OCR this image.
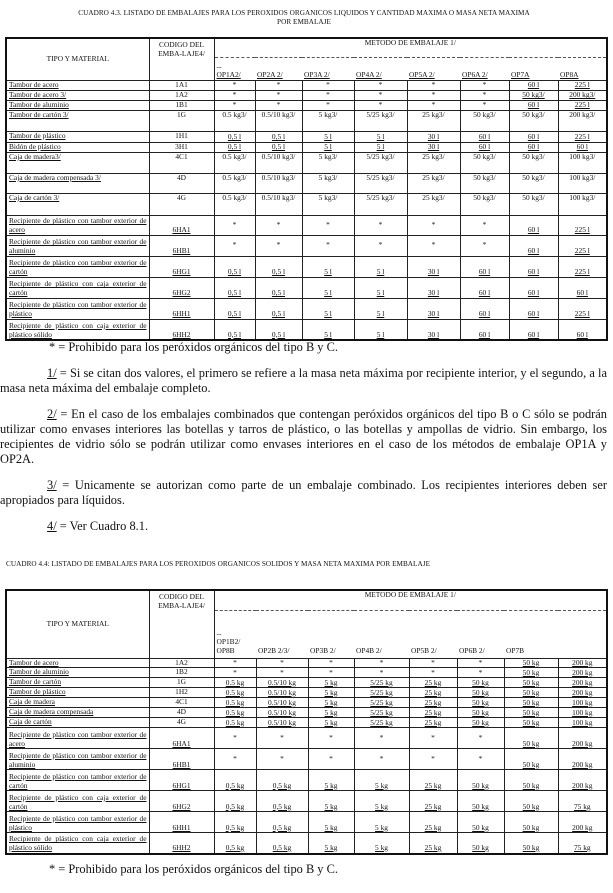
CUADRO 4.3. LISTADO DE EMBALAJES PARA LOS PEROXIDOS ORGANICOS LIQUIDOS Y CANTIDAD MAXIMA O MASA NETA MAXIMA
POR EMBALAJE
TIPO Y MATERIAL	CODIGO DEL EMBA-LAJE4/	METODO DE EMBALAJE 1/							

		--
OP1A2/	OP2A 2/	OP3A 2/	OP4A 2/	OP5A 2/	OP6A 2/	OP7A	OP8A

Tambor de acero	1A1	*	*	*	*	*	*	60 l	225 l
Tambor de acero 3/	1A2	*	*	*	*	*	*	50 kg3/	200 kg3/
Tambor de aluminio	1B1	*	*	*	*	*	*	60 l	225 l
Tambor de cartón 3/	1G	0.5 kg3/	0.5/10 kg3/	5 kg3/	5/25 kg3/	25 kg3/	50 kg3/	50 kg3/	200 kg3/
Tambor de plástico	1H1	0,5 l	0,5 l	5 l	5 l	30 l	60 l	60 l	225 l
Bidón de plástico	3H1	0,5 l	0,5 l	5 l	5 l	30 l	60 l	60 l	60 l
Caja de madera3/	4C1	0.5 kg3/	0.5/10 kg3/	5 kg3/	5/25 kg3/	25 kg3/	50 kg3/	50 kg3/	100 kg3/
Caja de madera compensada 3/	4D	0.5 kg3/	0.5/10 kg3/	5 kg3/	5/25 kg3/	25 kg3/	50 kg3/	50 kg3/	100 kg3/
Caja de cartón 3/	4G	0.5 kg3/	0.5/10 kg3/	5 kg3/	5/25 kg3/	25 kg3/	50 kg3/	50 kg3/	100 kg3/
Recipiente de plástico con tambor exterior de acero	6HA1	*	*	*	*	*	*	60 l	225 l
Recipiente de plástico con tambor exterior de aluminio	6HB1	*	*	*	*	*	*	60 l	225 l
Recipiente de plástico con tambor exterior de cartón	6HG1	0,5 l	0,5 l	5 l	5 l	30 l	60 l	60 l	225 l
Recipiente de plástico con caja exterior de cartón	6HG2	0,5 l	0,5 l	5 l	5 l	30 l	60 l	60 l	60 l
Recipiente de plástico con tambor exterior de plástico	6HH1	0,5 l	0,5 l	5 l	5 l	30 l	60 l	60 l	225 l
Recipiente de plástico con caja exterior de plástico sólido	6HH2	0,5 l	0,5 l	5 l	5 l	30 l	60 l	60 l	60 l

* = Prohibido para los peróxidos orgánicos del tipo B y C.

1/ = Si se citan dos valores, el primero se refiere a la masa neta máxima por recipiente interior, y el segundo, a la masa neta máxima del embalaje completo.

2/ = En el caso de los embalajes combinados que contengan peróxidos orgánicos del tipo B o C sólo se podrán utilizar como envases interiores las botellas y tarros de plástico, o las botellas y ampollas de vidrio. Sin embargo, los recipientes de vidrio sólo se podrán utilizar como envases interiores en el caso de los métodos de embalaje OP1A y OP2A.

3/ = Unicamente se autorizan como parte de un embalaje combinado. Los recipientes interiores deben ser apropiados para líquidos.

4/ = Ver Cuadro 8.1.

CUADRO 4.4: LISTADO DE EMBALAJES PARA LOS PEROXIDOS ORGANICOS SOLIDOS Y MASA NETA MAXIMA POR EMBALAJE
TIPO Y MATERIAL	CODIGO DEL EMBA-LAJE4/	METODO DE EMBALAJE 1/							

		--
OP1B2/ OP8B	OP2B 2/3/	OP3B 2/	OP4B 2/	OP5B 2/	OP6B 2/	OP7B	

Tambor de acero	1A2	*	*	*	*	*	*	50 kg	200 kg
Tambor de aluminio	1B2	*	*	*	*	*	*	50 kg	200 kg
Tambor de cartón	1G	0.5 kg	0.5/10 kg	5 kg	5/25 kg	25 kg	50 kg	50 kg	200 kg
Tambor de plástico	1H2	0.5 kg	0.5/10 kg	5 kg	5/25 kg	25 kg	50 kg	50 kg	200 kg
Caja de madera	4C1	0.5 kg	0.5/10 kg	5 kg	5/25 kg	25 kg	50 kg	50 kg	100 kg
Caja de madera compensada	4D	0.5 kg	0.5/10 kg	5 kg	5/25 kg	25 kg	50 kg	50 kg	100 kg
Caja de cartón	4G	0.5 kg	0.5/10 kg	5 kg	5/25 kg	25 kg	50 kg	50 kg	100 kg
Recipiente de plástico con tambor exterior de acero	6HA1	*	*	*	*	*	*	50 kg	200 kg
Recipiente de plástico con tambor exterior de aluminio	6HB1	*	*	*	*	*	*	50 kg	200 kg
Recipiente de plástico con tambor exterior de cartón	6HG1	0,5 kg	0,5 kg	5 kg	5 kg	25 kg	50 kg	50 kg	200 kg
Recipiente de plástico con caja exterior de cartón	6HG2	0,5 kg	0,5 kg	5 kg	5 kg	25 kg	50 kg	50 kg	75 kg
Recipiente de plástico con tambor exterior de plástico	6HH1	0,5 kg	0,5 kg	5 kg	5 kg	25 kg	50 kg	50 kg	200 kg
Recipiente de plástico con caja exterior de plástico sólido	6HH2	0,5 kg	0,5 kg	5 kg	5 kg	25 kg	50 kg	50 kg	75 kg
* = Prohibido para los peróxidos orgánicos del tipo B y C.
